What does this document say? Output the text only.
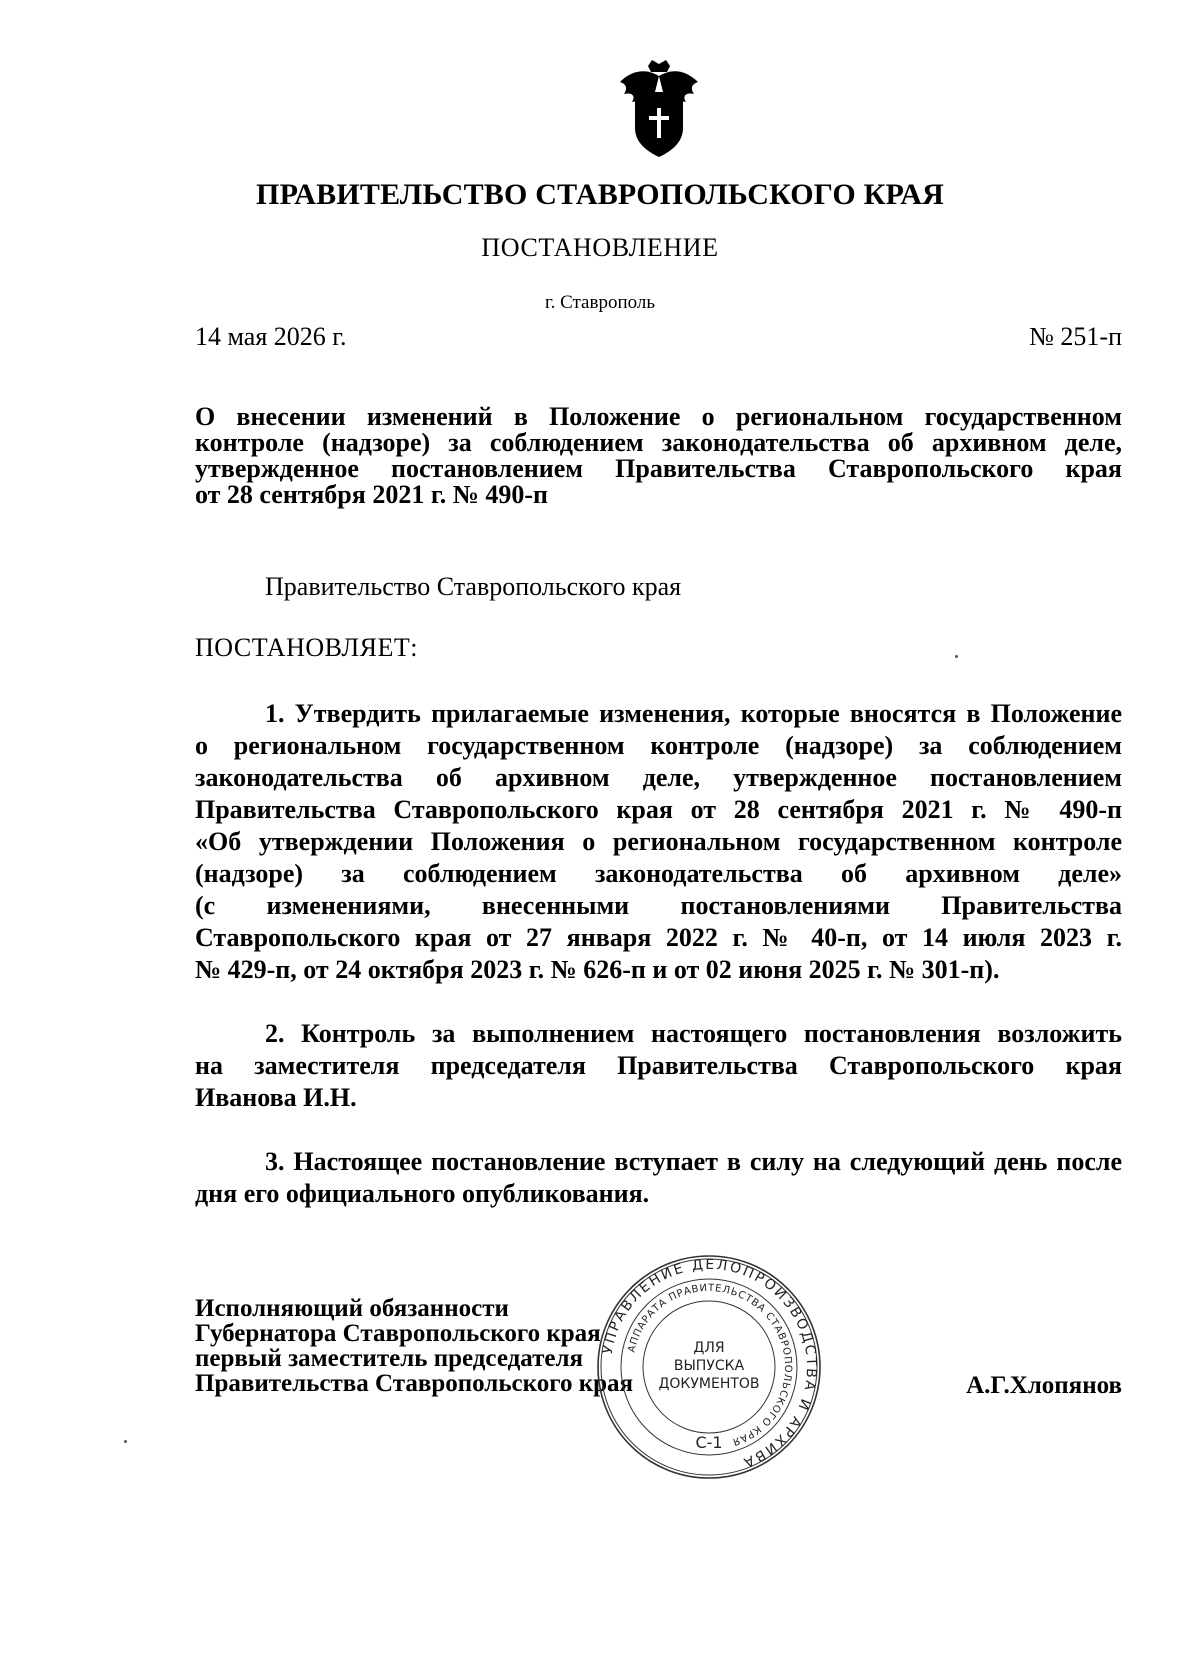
ПРАВИТЕЛЬСТВО СТАВРОПОЛЬСКОГО КРАЯ
ПОСТАНОВЛЕНИЕ
г. Ставрополь
14 мая 2026 г.	№ 251-п
О внесении изменений в Положение о региональном государственном
контроле (надзоре) за соблюдением законодательства об архивном деле,
утвержденное постановлением Правительства Ставропольского края
от 28 сентября 2021 г. № 490-п
Правительство Ставропольского края
ПОСТАНОВЛЯЕТ:
1. Утвердить прилагаемые изменения, которые вносятся в Положение
о региональном государственном контроле (надзоре) за соблюдением
законодательства об архивном деле, утвержденное постановлением
Правительства Ставропольского края от 28 сентября 2021 г. № 490-п
«Об утверждении Положения о региональном государственном контроле
(надзоре) за соблюдением законодательства об архивном деле»
(с изменениями, внесенными постановлениями Правительства
Ставропольского края от 27 января 2022 г. № 40-п, от 14 июля 2023 г.
№ 429-п, от 24 октября 2023 г. № 626-п и от 02 июня 2025 г. № 301-п).
2. Контроль за выполнением настоящего постановления возложить
на заместителя председателя Правительства Ставропольского края
Иванова И.Н.
3. Настоящее постановление вступает в силу на следующий день после
дня его официального опубликования.
Исполняющий обязанности
Губернатора Ставропольского края
первый заместитель председателя
Правительства Ставропольского края
УПРАВЛЕНИЕ ДЕЛОПРОИЗВОДСТВА И АРХИВА
АППАРАТА ПРАВИТЕЛЬСТВА СТАВРОПОЛЬСКОГО КРАЯ
ДЛЯ
ВЫПУСКА
ДОКУМЕНТОВ
С-1
А.Г.Хлопянов
